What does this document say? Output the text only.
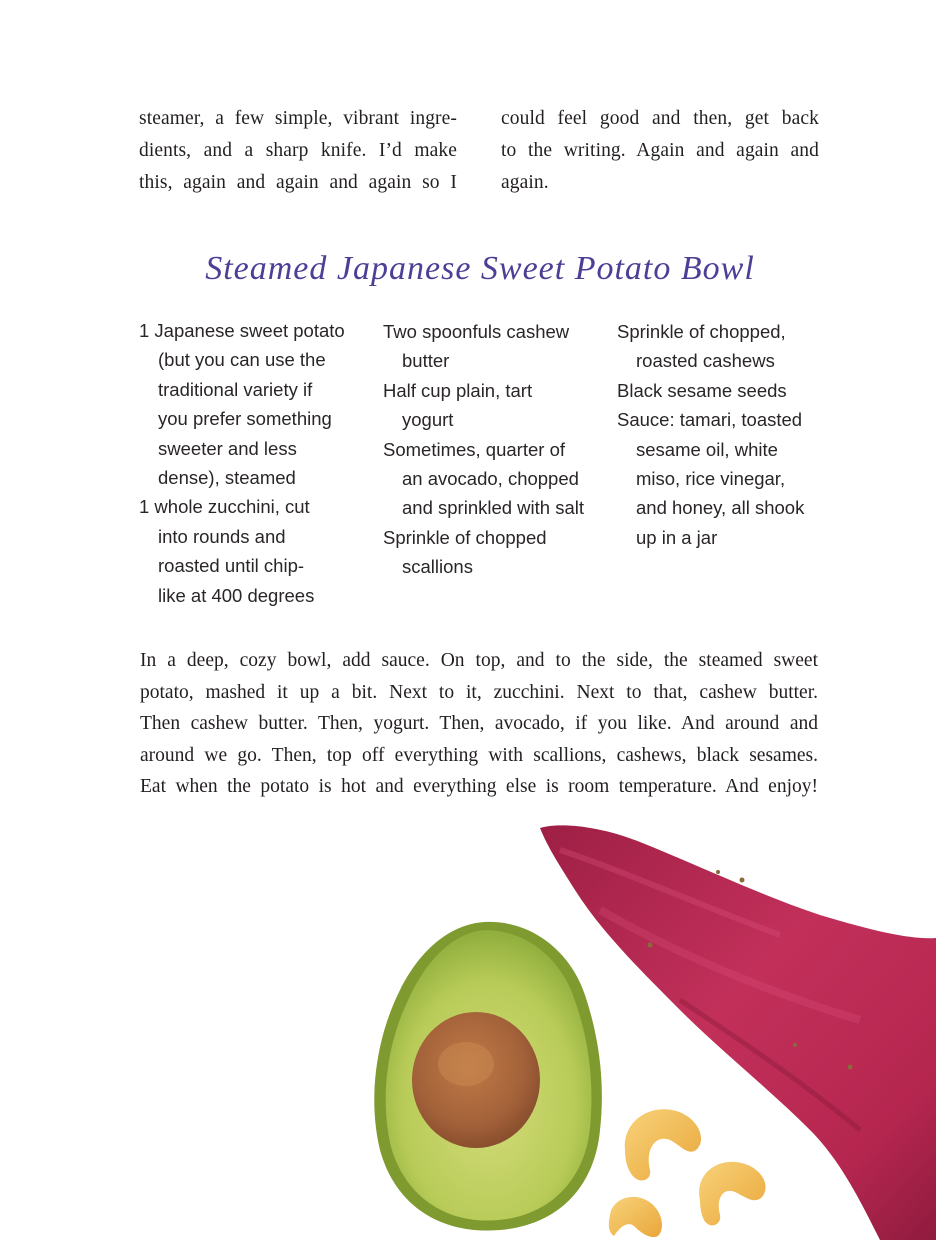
steamer, a few simple, vibrant ingre-
dients, and a sharp knife. I’d make
this, again and again and again so I
could feel good and then, get back
to the writing. Again and again and
again.
Steamed Japanese Sweet Potato Bowl
1 Japanese sweet potato
(but you can use the
traditional variety if
you prefer something
sweeter and less
dense), steamed
1 whole zucchini, cut
into rounds and
roasted until chip-
like at 400 degrees
Two spoonfuls cashew
butter
Half cup plain, tart
yogurt
Sometimes, quarter of
an avocado, chopped
and sprinkled with salt
Sprinkle of chopped
scallions
Sprinkle of chopped,
roasted cashews
Black sesame seeds
Sauce: tamari, toasted
sesame oil, white
miso, rice vinegar,
and honey, all shook
up in a jar
In a deep, cozy bowl, add sauce. On top, and to the side, the steamed sweet
potato, mashed it up a bit. Next to it, zucchini. Next to that, cashew butter.
Then cashew butter. Then, yogurt. Then, avocado, if you like. And around and
around we go. Then, top off everything with scallions, cashews, black sesames.
Eat when the potato is hot and everything else is room temperature. And enjoy!
